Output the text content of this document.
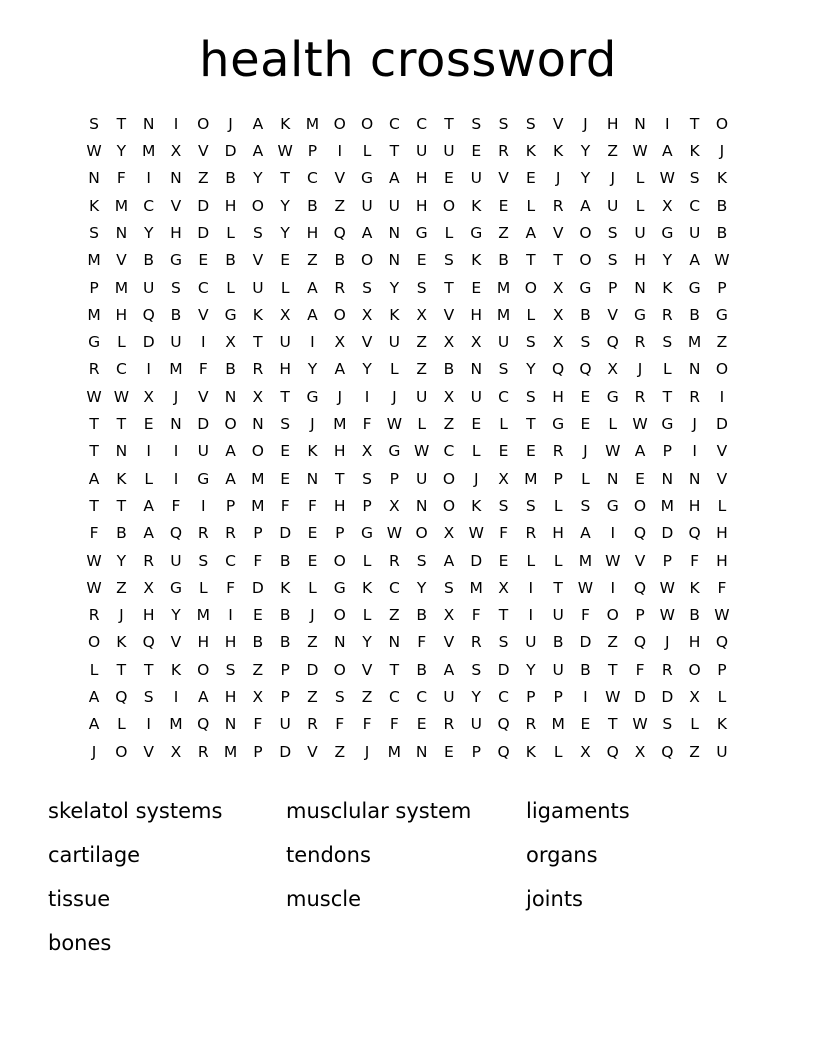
health crossword
S	T	N	I	O	J	A	K	M	O	O	C	C	T	S	S	S	V	J	H	N	I	T	O
W	Y	M	X	V	D	A	W	P	I	L	T	U	U	E	R	K	K	Y	Z	W	A	K	J
N	F	I	N	Z	B	Y	T	C	V	G	A	H	E	U	V	E	J	Y	J	L	W	S	K
K	M	C	V	D	H	O	Y	B	Z	U	U	H	O	K	E	L	R	A	U	L	X	C	B
S	N	Y	H	D	L	S	Y	H	Q	A	N	G	L	G	Z	A	V	O	S	U	G	U	B
M	V	B	G	E	B	V	E	Z	B	O	N	E	S	K	B	T	T	O	S	H	Y	A	W
P	M	U	S	C	L	U	L	A	R	S	Y	S	T	E	M	O	X	G	P	N	K	G	P
M	H	Q	B	V	G	K	X	A	O	X	K	X	V	H	M	L	X	B	V	G	R	B	G
G	L	D	U	I	X	T	U	I	X	V	U	Z	X	X	U	S	X	S	Q	R	S	M	Z
R	C	I	M	F	B	R	H	Y	A	Y	L	Z	B	N	S	Y	Q	Q	X	J	L	N	O
W	W	X	J	V	N	X	T	G	J	I	J	U	X	U	C	S	H	E	G	R	T	R	I
T	T	E	N	D	O	N	S	J	M	F	W	L	Z	E	L	T	G	E	L	W	G	J	D
T	N	I	I	U	A	O	E	K	H	X	G	W	C	L	E	E	R	J	W	A	P	I	V
A	K	L	I	G	A	M	E	N	T	S	P	U	O	J	X	M	P	L	N	E	N	N	V
T	T	A	F	I	P	M	F	F	H	P	X	N	O	K	S	S	L	S	G	O	M	H	L
F	B	A	Q	R	R	P	D	E	P	G	W	O	X	W	F	R	H	A	I	Q	D	Q	H
W	Y	R	U	S	C	F	B	E	O	L	R	S	A	D	E	L	L	M	W	V	P	F	H
W	Z	X	G	L	F	D	K	L	G	K	C	Y	S	M	X	I	T	W	I	Q	W	K	F
R	J	H	Y	M	I	E	B	J	O	L	Z	B	X	F	T	I	U	F	O	P	W	B	W
O	K	Q	V	H	H	B	B	Z	N	Y	N	F	V	R	S	U	B	D	Z	Q	J	H	Q
L	T	T	K	O	S	Z	P	D	O	V	T	B	A	S	D	Y	U	B	T	F	R	O	P
A	Q	S	I	A	H	X	P	Z	S	Z	C	C	U	Y	C	P	P	I	W	D	D	X	L
A	L	I	M	Q	N	F	U	R	F	F	F	E	R	U	Q	R	M	E	T	W	S	L	K
J	O	V	X	R	M	P	D	V	Z	J	M	N	E	P	Q	K	L	X	Q	X	Q	Z	U
skelatol systems	musclular system	ligaments
cartilage	tendons	organs
tissue	muscle	joints
bones
